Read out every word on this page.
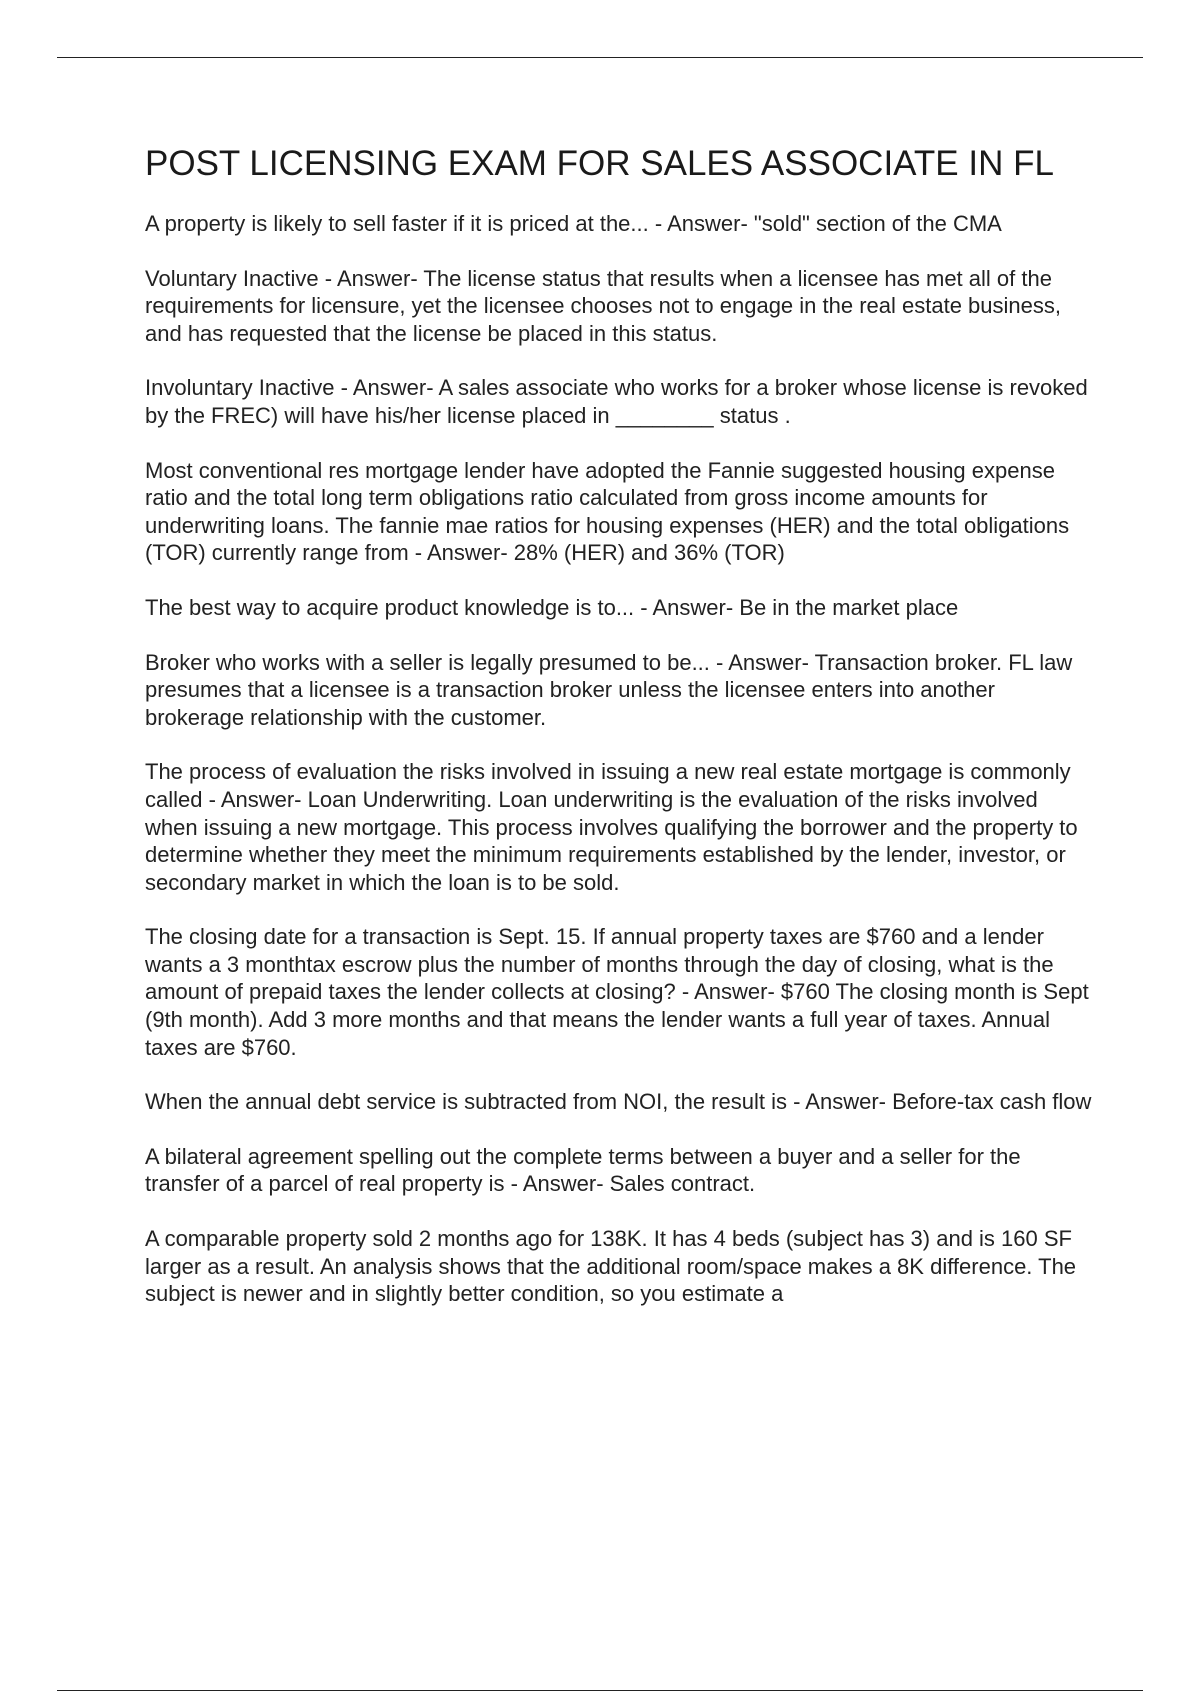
POST LICENSING EXAM FOR SALES ASSOCIATE IN FL
A property is likely to sell faster if it is priced at the... - Answer- "sold" section of the CMA
Voluntary Inactive - Answer- The license status that results when a licensee has met all of the requirements for licensure, yet the licensee chooses not to engage in the real estate business, and has requested that the license be placed in this status.
Involuntary Inactive - Answer- A sales associate who works for a broker whose license is revoked by the FREC) will have his/her license placed in ________ status .
Most conventional res mortgage lender have adopted the Fannie suggested housing expense ratio and the total long term obligations ratio calculated from gross income amounts for underwriting loans. The fannie mae ratios for housing expenses (HER) and the total obligations (TOR) currently range from - Answer- 28% (HER) and 36% (TOR)
The best way to acquire product knowledge is to... - Answer- Be in the market place
Broker who works with a seller is legally presumed to be... - Answer- Transaction broker. FL law presumes that a licensee is a transaction broker unless the licensee enters into another brokerage relationship with the customer.
The process of evaluation the risks involved in issuing a new real estate mortgage is commonly called - Answer- Loan Underwriting. Loan underwriting is the evaluation of the risks involved when issuing a new mortgage. This process involves qualifying the borrower and the property to determine whether they meet the minimum requirements established by the lender, investor, or secondary market in which the loan is to be sold.
The closing date for a transaction is Sept. 15. If annual property taxes are $760 and a lender wants a 3 monthtax escrow plus the number of months through the day of closing, what is the amount of prepaid taxes the lender collects at closing? - Answer- $760 The closing month is Sept (9th month). Add 3 more months and that means the lender wants a full year of taxes. Annual taxes are $760.
When the annual debt service is subtracted from NOI, the result is - Answer- Before-tax cash flow
A bilateral agreement spelling out the complete terms between a buyer and a seller for the transfer of a parcel of real property is - Answer- Sales contract.
A comparable property sold 2 months ago for 138K. It has 4 beds (subject has 3) and is 160 SF larger as a result. An analysis shows that the additional room/space makes a 8K difference. The subject is newer and in slightly better condition, so you estimate a
